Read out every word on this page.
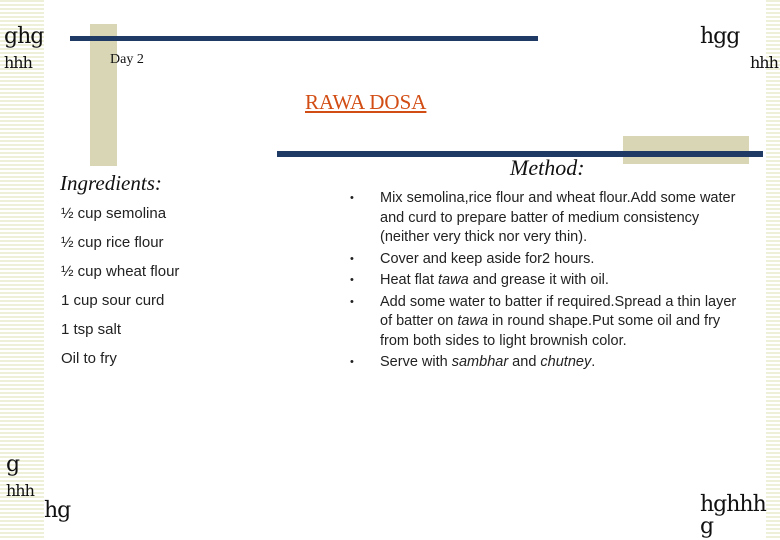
ghg
hhh
hgg
hhh
g
hhh
hg	hghhh g
Day 2
RAWA DOSA
Ingredients:
½ cup semolina
½ cup rice flour
½ cup wheat flour
1 cup sour curd
1 tsp salt
Oil to fry
Method:
• Mix semolina,rice flour and wheat flour.Add some water and curd to prepare batter of medium consistency (neither very thick nor very thin).
• Cover and keep aside for2 hours.
• Heat flat tawa and grease it with oil.
• Add some water to batter if required.Spread a thin layer of batter on tawa in round shape.Put some oil and fry from both sides to light brownish color.
• Serve with sambhar and chutney.
